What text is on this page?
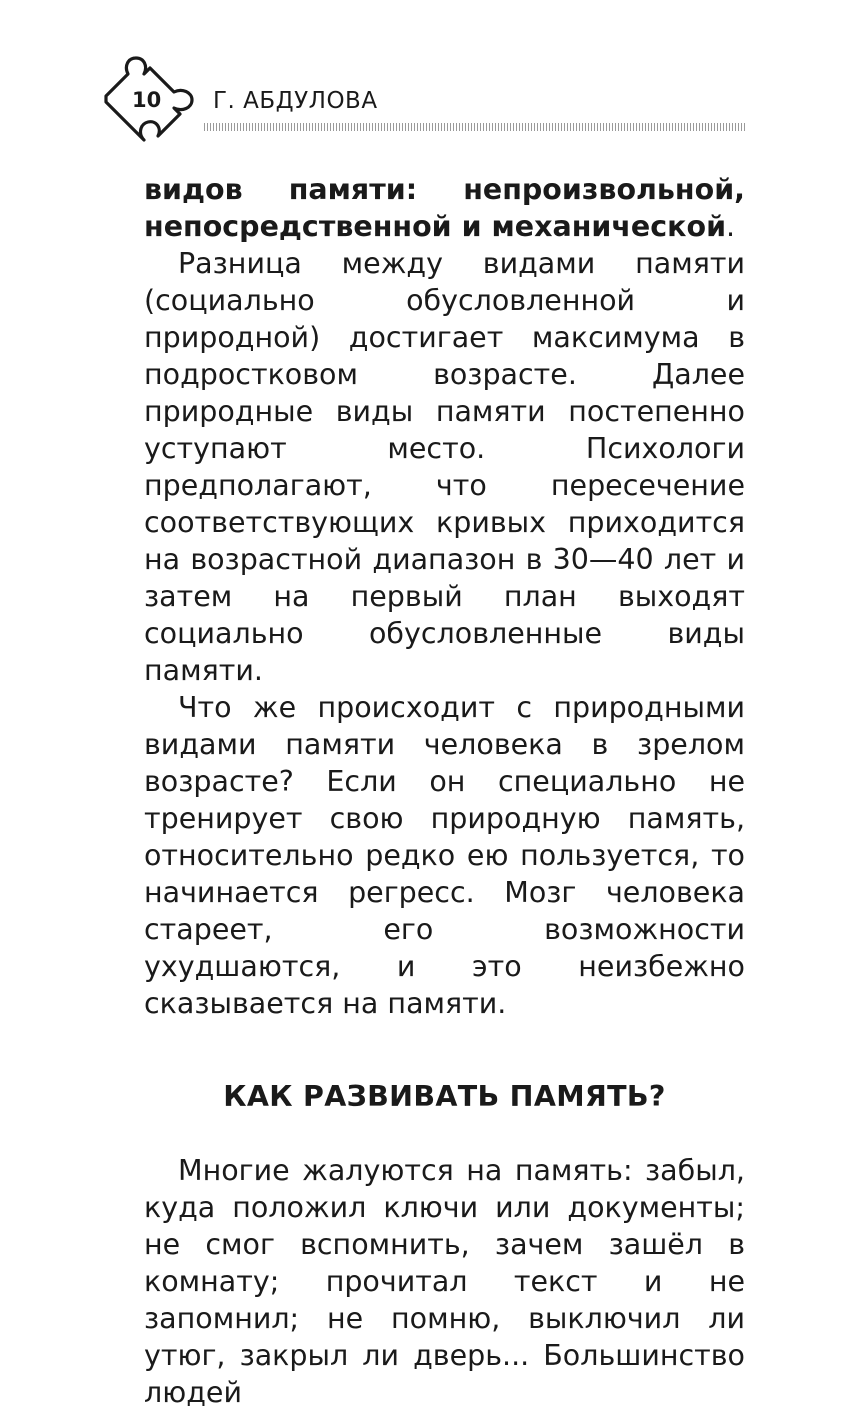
10 Г. АБДУЛОВА

видов памяти: непроизвольной, непосредственной и механической.

Разница между видами памяти (социально обусловленной и природной) достигает максимума в подростковом возрасте. Далее природные виды памяти постепенно уступают место. Психологи предполагают, что пересечение соответствующих кривых приходится на возрастной диапазон в 30—40 лет и затем на первый план выходят социально обусловленные виды памяти.

Что же происходит с природными видами памяти человека в зрелом возрасте? Если он специально не тренирует свою природную память, относительно редко ею пользуется, то начинается регресс. Мозг человека стареет, его возможности ухудшаются, и это неизбежно сказывается на памяти.

КАК РАЗВИВАТЬ ПАМЯТЬ?

Многие жалуются на память: забыл, куда положил ключи или документы; не смог вспомнить, зачем зашёл в комнату; прочитал текст и не запомнил; не помню, выключил ли утюг, закрыл ли дверь... Большинство людей
